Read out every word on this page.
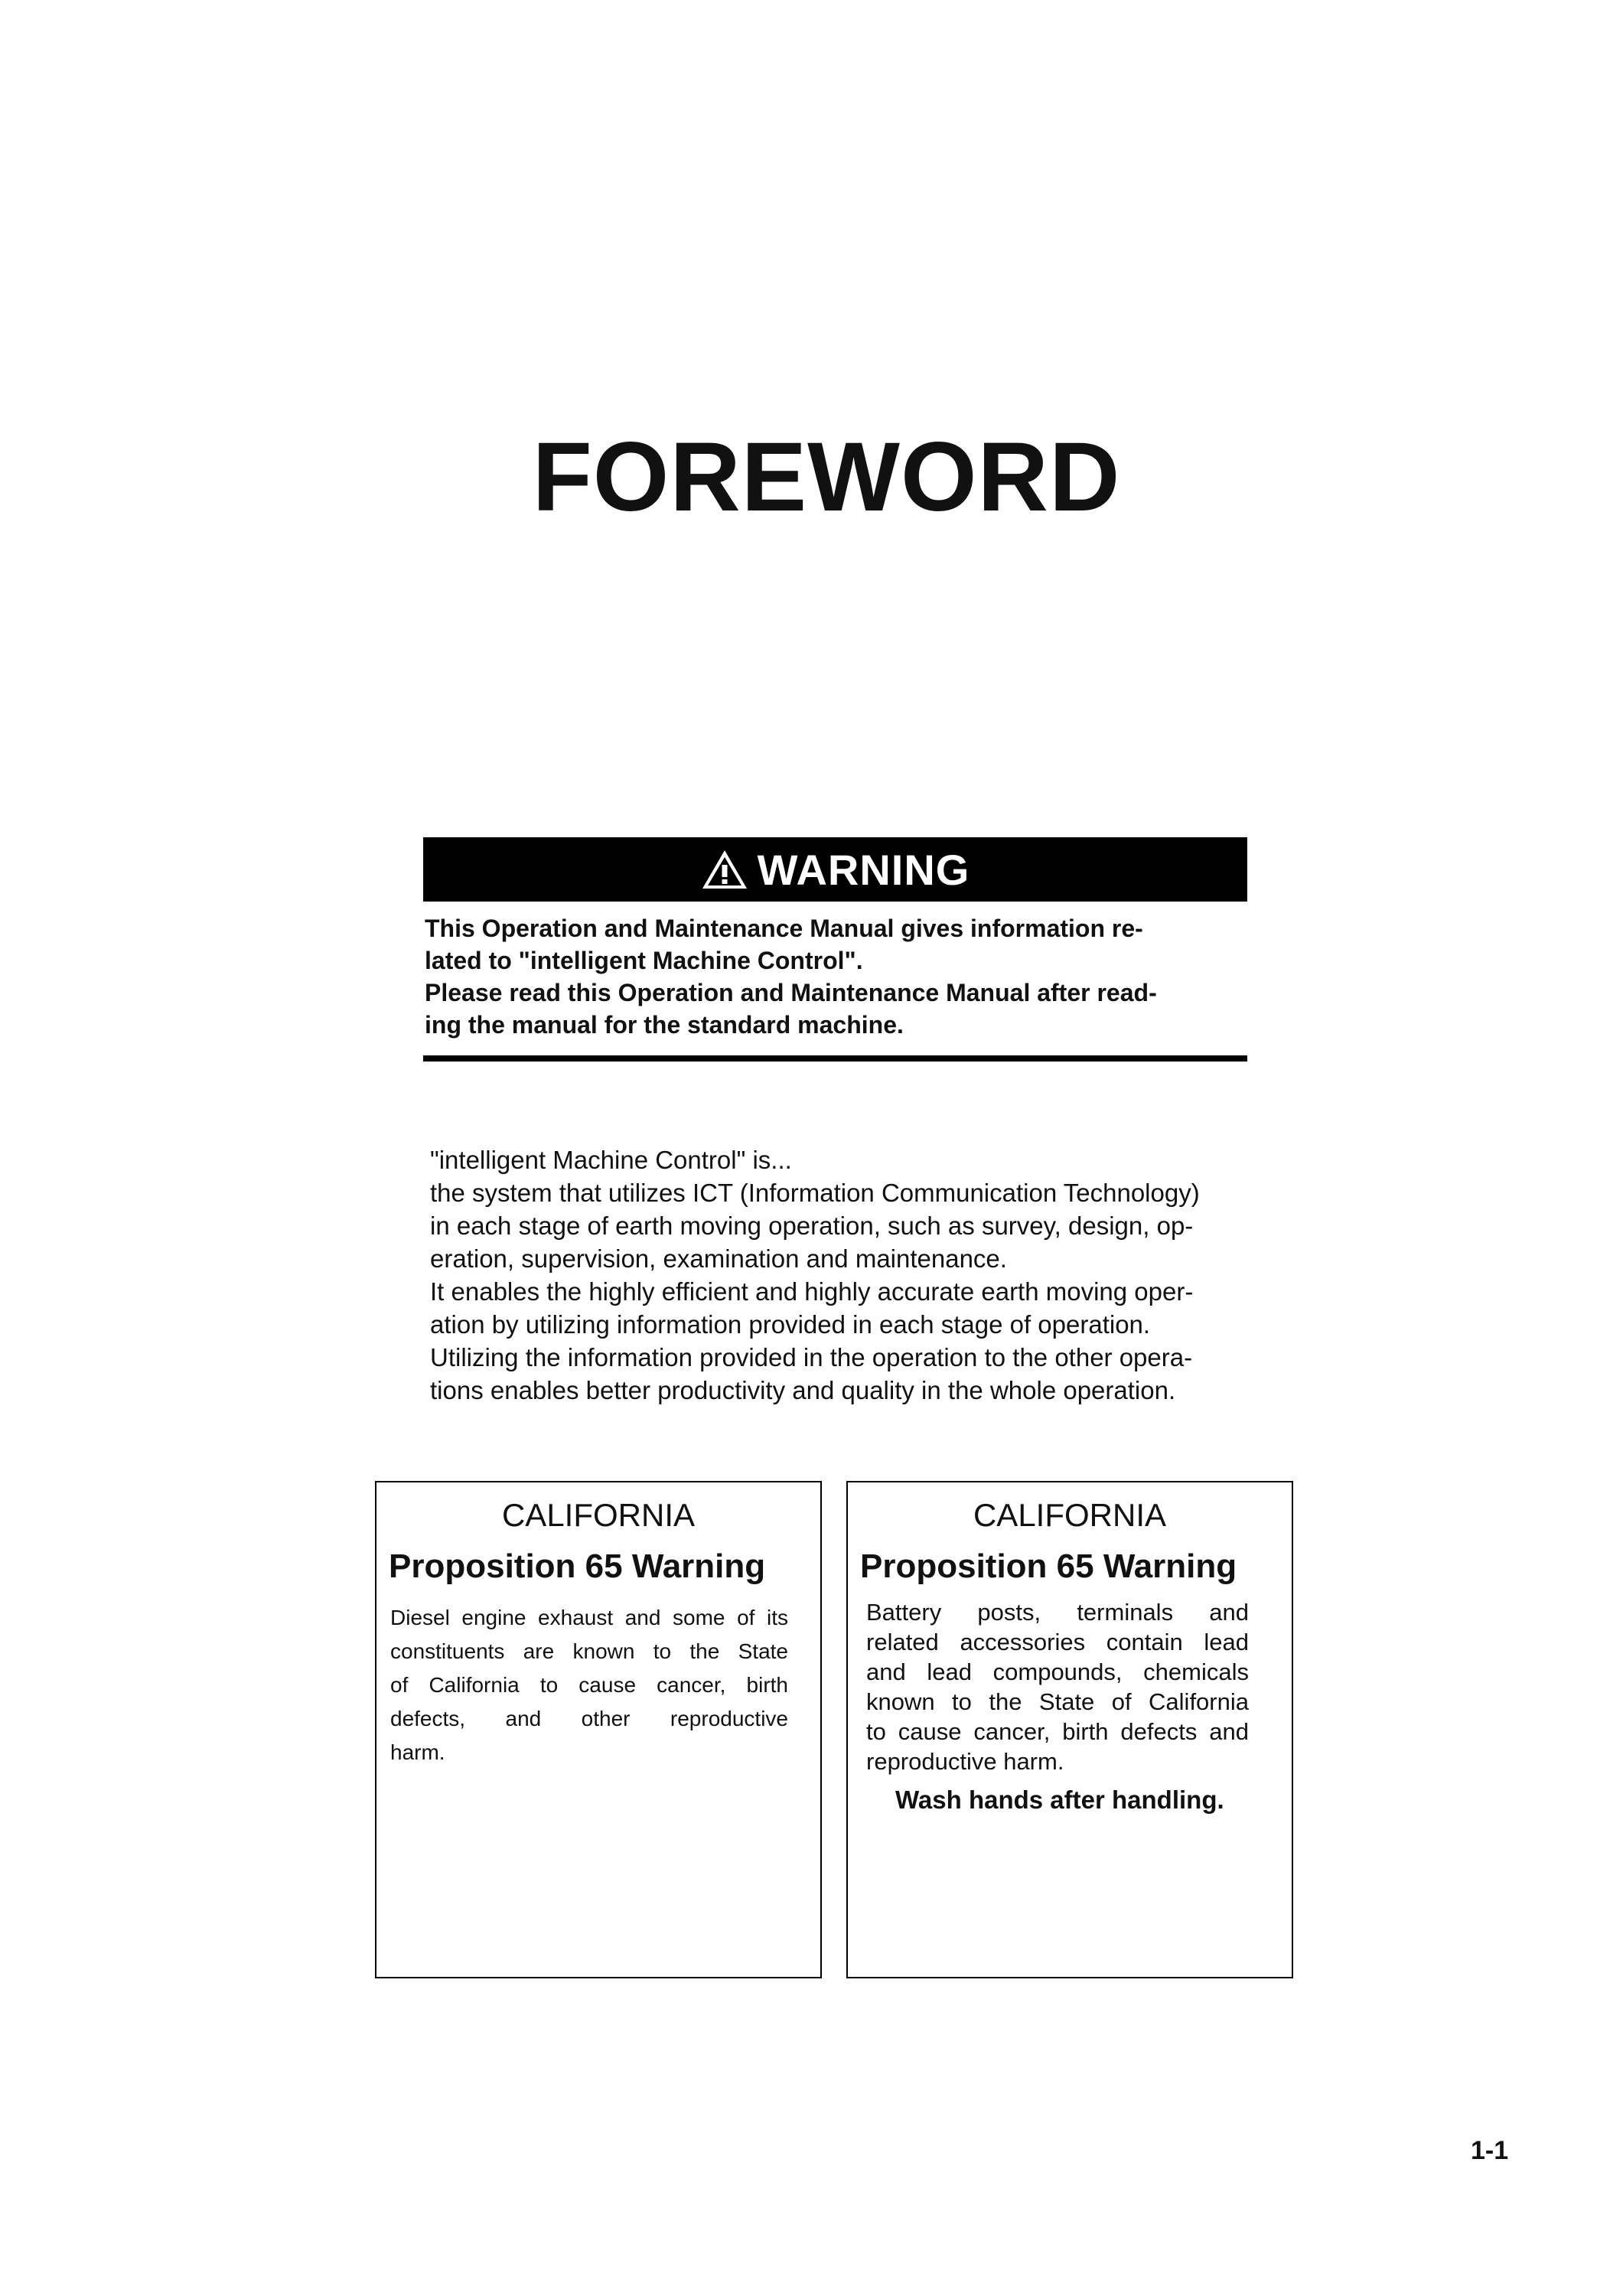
FOREWORD
WARNING
This Operation and Maintenance Manual gives information re-
lated to "intelligent Machine Control".
Please read this Operation and Maintenance Manual after read-
ing the manual for the standard machine.
"intelligent Machine Control" is...
the system that utilizes ICT (Information Communication Technology)
in each stage of earth moving operation, such as survey, design, op-
eration, supervision, examination and maintenance.
It enables the highly efficient and highly accurate earth moving oper-
ation by utilizing information provided in each stage of operation.
Utilizing the information provided in the operation to the other opera-
tions enables better productivity and quality in the whole operation.
CALIFORNIA
Proposition 65 Warning
Diesel engine exhaust and some of its
constituents are known to the State
of California to cause cancer, birth
defects, and other reproductive
harm.
CALIFORNIA
Proposition 65 Warning
Battery posts, terminals and
related accessories contain lead
and lead compounds, chemicals
known to the State of California
to cause cancer, birth defects and
reproductive harm.
Wash hands after handling.
1-1
